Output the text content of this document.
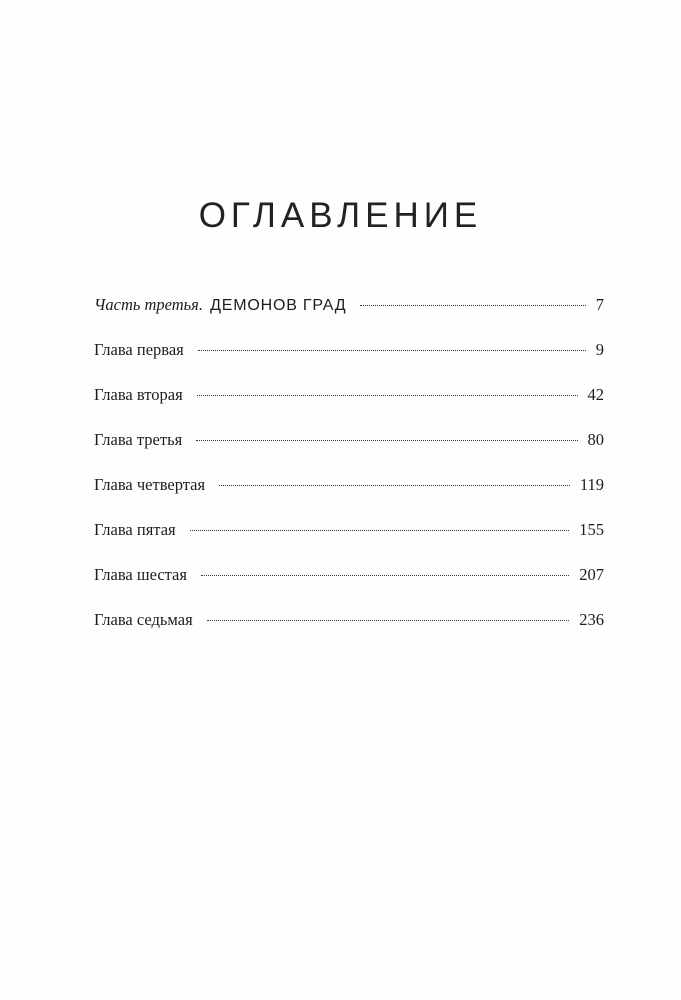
ОГЛАВЛЕНИЕ
Часть третья. ДЕМОНОВ ГРАД	7
Глава первая	9
Глава вторая	42
Глава третья	80
Глава четвертая	119
Глава пятая	155
Глава шестая	207
Глава седьмая	236
